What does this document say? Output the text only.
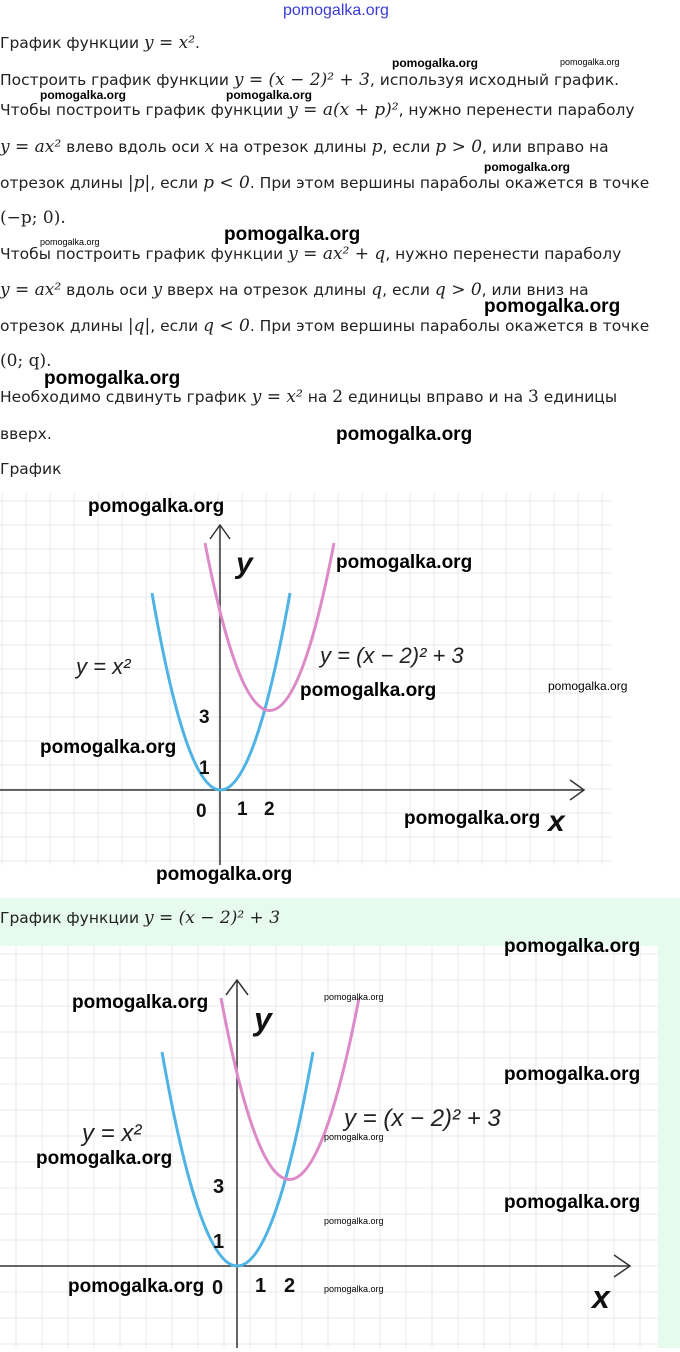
pomogalka.org
График функции y = x².
Построить график функции y = (x − 2)² + 3, используя исходный график.
Чтобы построить график функции y = a(x + p)², нужно перенести параболу
y = ax² влево вдоль оси x на отрезок длины p, если p > 0, или вправо на
отрезок длины |p|, если p < 0. При этом вершины параболы окажется в точке
(−p; 0).
Чтобы построить график функции y = ax² + q, нужно перенести параболу
y = ax² вдоль оси y вверх на отрезок длины q, если q > 0, или вниз на
отрезок длины |q|, если q < 0. При этом вершины параболы окажется в точке
(0; q).
Необходимо сдвинуть график y = x² на 2 единицы вправо и на 3 единицы
вверх.
График
y
x
0 1 2
1
3
y = x²	y = (x − 2)² + 3
График функции y = (x − 2)² + 3
y
x
0 1 2
1
3
y = x²
y = (x − 2)² + 3
pomogalka.org	pomogalka.org
pomogalka.org	pomogalka.org
pomogalka.org
pomogalka.org	pomogalka.org
pomogalka.org
pomogalka.org
pomogalka.org
pomogalka.org
pomogalka.org
pomogalka.org	pomogalka.org
pomogalka.org
pomogalka.org
pomogalka.org
pomogalka.org
pomogalka.org	pomogalka.org
pomogalka.org
pomogalka.org
pomogalka.org
pomogalka.org
pomogalka.org
pomogalka.org	pomogalka.org
